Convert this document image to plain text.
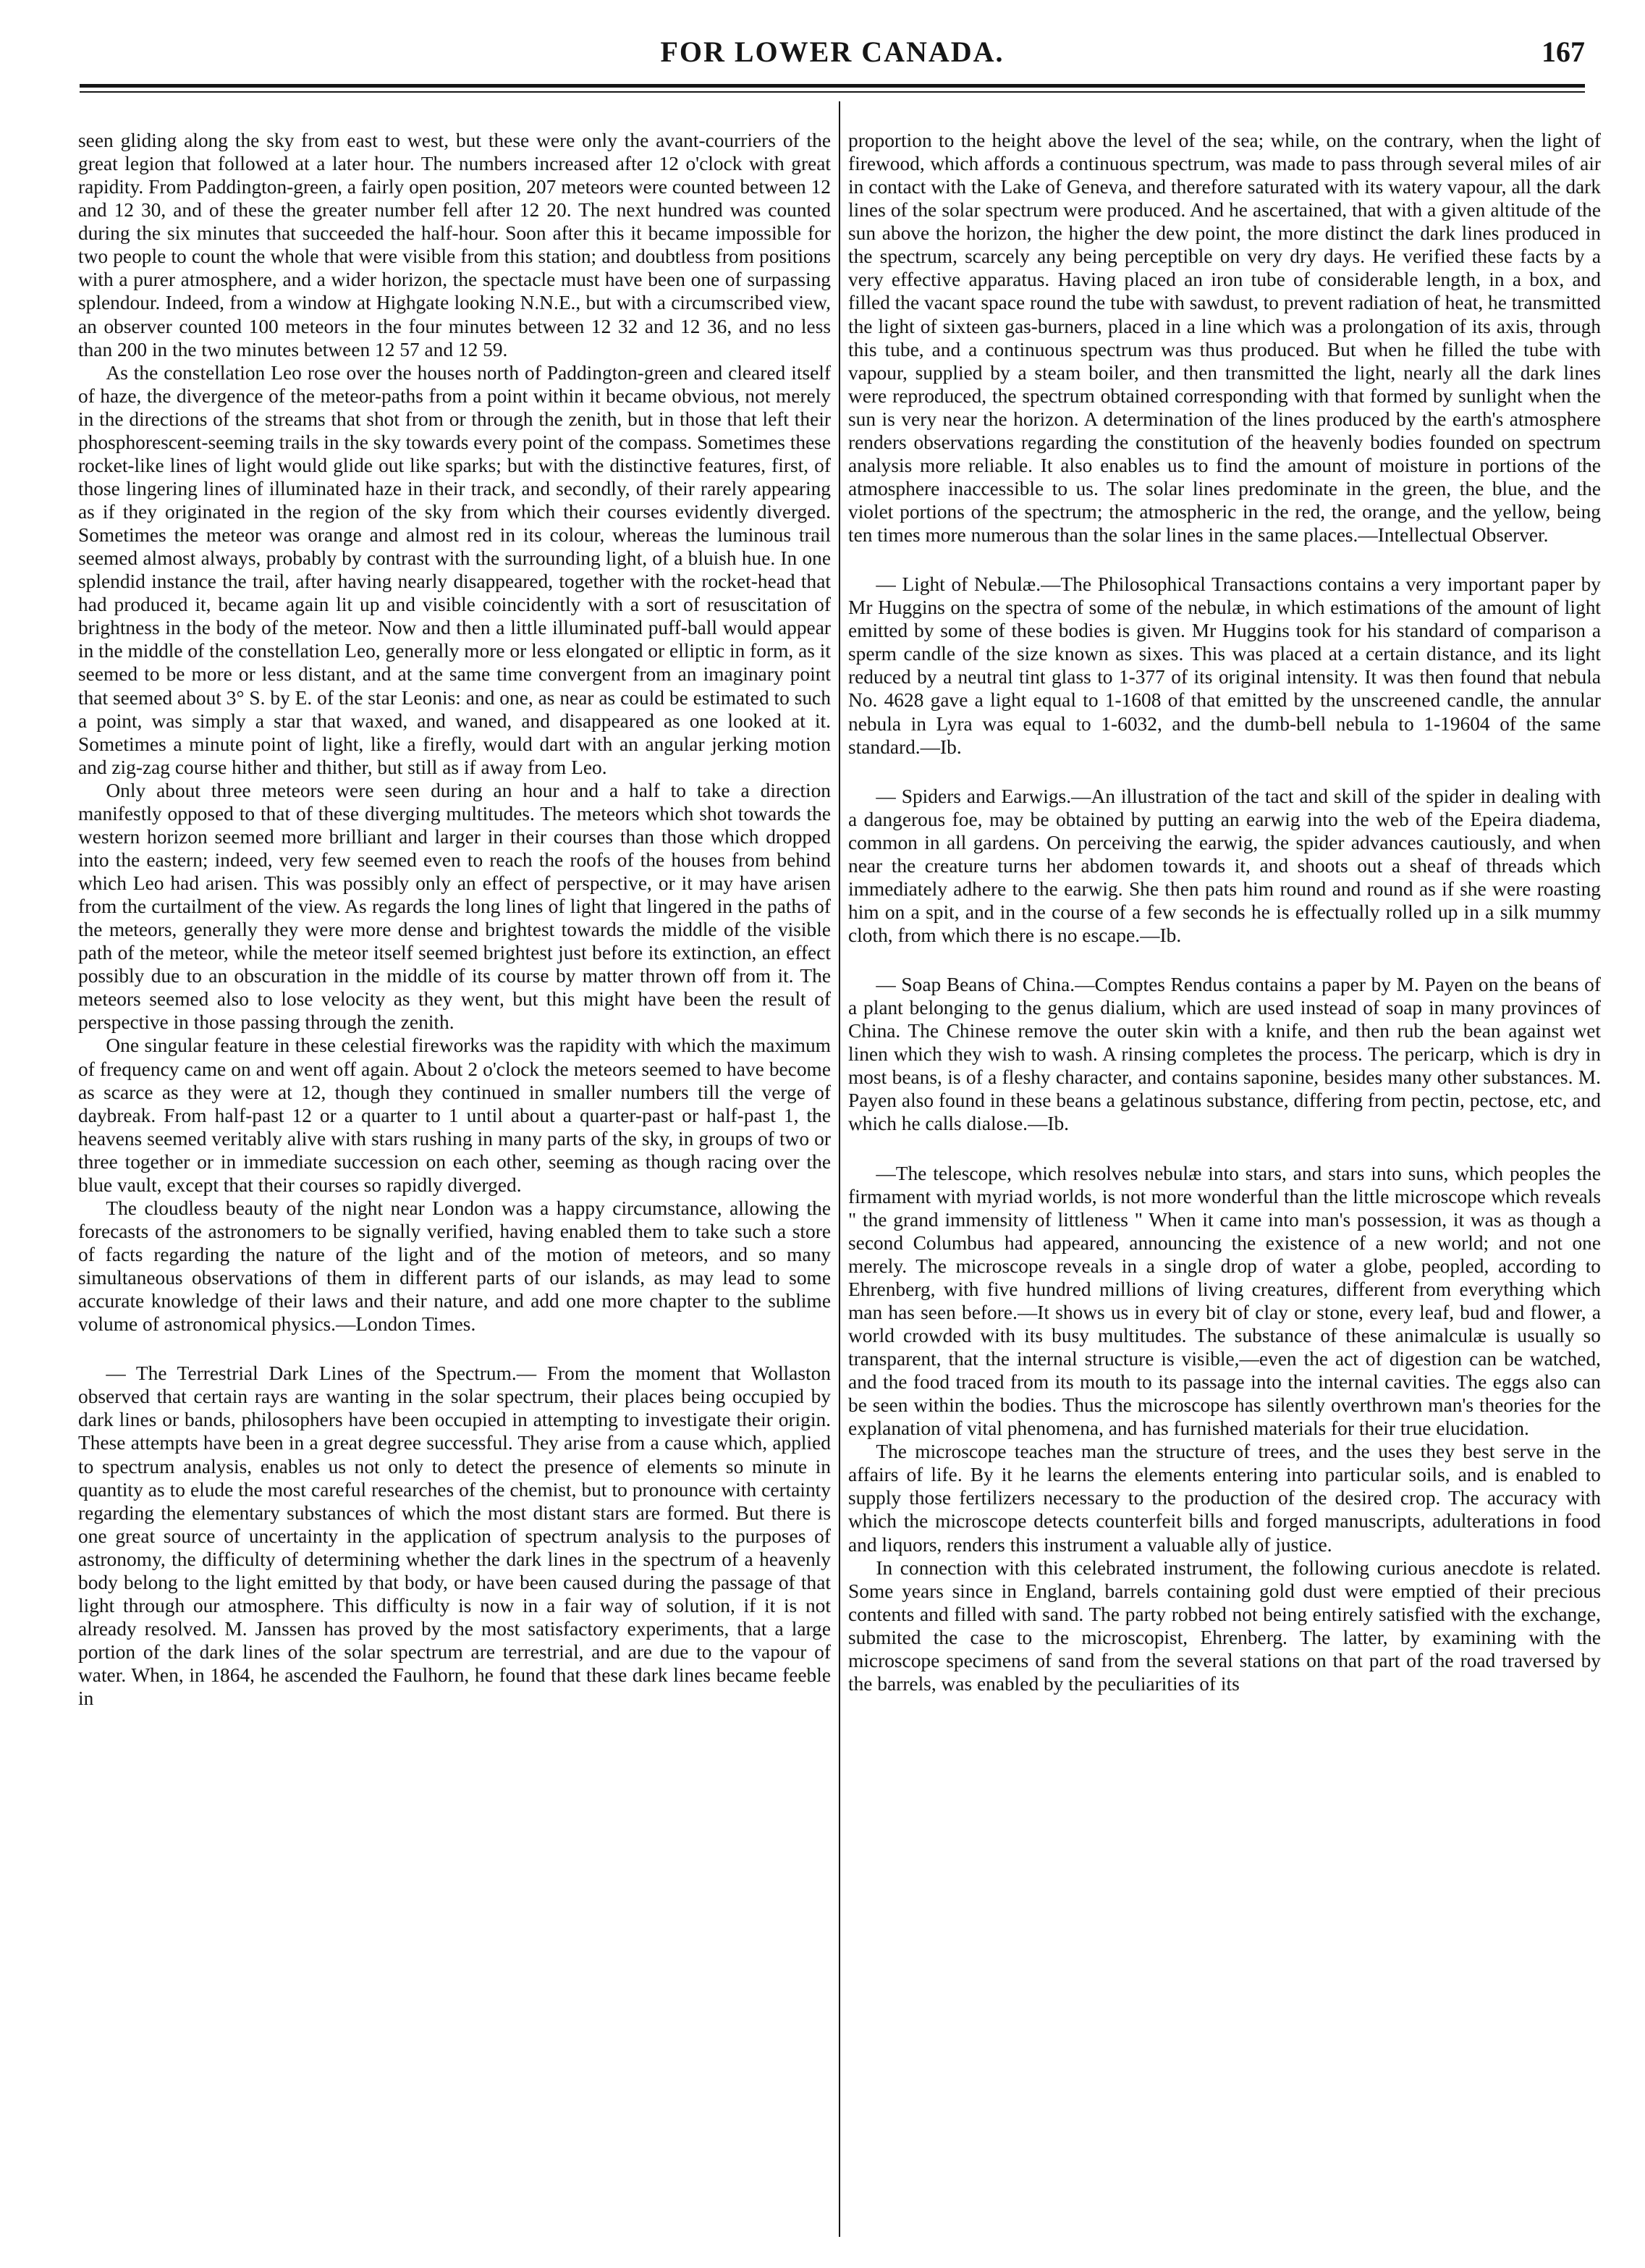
FOR LOWER CANADA.	167

seen gliding along the sky from east to west, but these were only the avant-courriers of the great legion that followed at a later hour. The numbers increased after 12 o'clock with great rapidity. From Paddington-green, a fairly open position, 207 meteors were counted between 12 and 12 30, and of these the greater number fell after 12 20. The next hundred was counted during the six minutes that succeeded the half-hour. Soon after this it became impossible for two people to count the whole that were visible from this station; and doubtless from positions with a purer atmosphere, and a wider horizon, the spectacle must have been one of surpassing splendour. Indeed, from a window at Highgate looking N.N.E., but with a circumscribed view, an observer counted 100 meteors in the four minutes between 12 32 and 12 36, and no less than 200 in the two minutes between 12 57 and 12 59.

As the constellation Leo rose over the houses north of Paddington-green and cleared itself of haze, the divergence of the meteor-paths from a point within it became obvious, not merely in the directions of the streams that shot from or through the zenith, but in those that left their phosphorescent-seeming trails in the sky towards every point of the compass. Sometimes these rocket-like lines of light would glide out like sparks; but with the distinctive features, first, of those lingering lines of illuminated haze in their track, and secondly, of their rarely appearing as if they originated in the region of the sky from which their courses evidently diverged. Sometimes the meteor was orange and almost red in its colour, whereas the luminous trail seemed almost always, probably by contrast with the surrounding light, of a bluish hue. In one splendid instance the trail, after having nearly disappeared, together with the rocket-head that had produced it, became again lit up and visible coincidently with a sort of resuscitation of brightness in the body of the meteor. Now and then a little illuminated puff-ball would appear in the middle of the constellation Leo, generally more or less elongated or elliptic in form, as it seemed to be more or less distant, and at the same time convergent from an imaginary point that seemed about 3° S. by E. of the star Leonis: and one, as near as could be estimated to such a point, was simply a star that waxed, and waned, and disappeared as one looked at it. Sometimes a minute point of light, like a firefly, would dart with an angular jerking motion and zig-zag course hither and thither, but still as if away from Leo.

Only about three meteors were seen during an hour and a half to take a direction manifestly opposed to that of these diverging multitudes. The meteors which shot towards the western horizon seemed more brilliant and larger in their courses than those which dropped into the eastern; indeed, very few seemed even to reach the roofs of the houses from behind which Leo had arisen. This was possibly only an effect of perspective, or it may have arisen from the curtailment of the view. As regards the long lines of light that lingered in the paths of the meteors, generally they were more dense and brightest towards the middle of the visible path of the meteor, while the meteor itself seemed brightest just before its extinction, an effect possibly due to an obscuration in the middle of its course by matter thrown off from it. The meteors seemed also to lose velocity as they went, but this might have been the result of perspective in those passing through the zenith.

One singular feature in these celestial fireworks was the rapidity with which the maximum of frequency came on and went off again. About 2 o'clock the meteors seemed to have become as scarce as they were at 12, though they continued in smaller numbers till the verge of daybreak. From half-past 12 or a quarter to 1 until about a quarter-past or half-past 1, the heavens seemed veritably alive with stars rushing in many parts of the sky, in groups of two or three together or in immediate succession on each other, seeming as though racing over the blue vault, except that their courses so rapidly diverged.

The cloudless beauty of the night near London was a happy circumstance, allowing the forecasts of the astronomers to be signally verified, having enabled them to take such a store of facts regarding the nature of the light and of the motion of meteors, and so many simultaneous observations of them in different parts of our islands, as may lead to some accurate knowledge of their laws and their nature, and add one more chapter to the sublime volume of astronomical physics.—London Times.

— The Terrestrial Dark Lines of the Spectrum.— From the moment that Wollaston observed that certain rays are wanting in the solar spectrum, their places being occupied by dark lines or bands, philosophers have been occupied in attempting to investigate their origin. These attempts have been in a great degree successful. They arise from a cause which, applied to spectrum analysis, enables us not only to detect the presence of elements so minute in quantity as to elude the most careful researches of the chemist, but to pronounce with certainty regarding the elementary substances of which the most distant stars are formed. But there is one great source of uncertainty in the application of spectrum analysis to the purposes of astronomy, the difficulty of determining whether the dark lines in the spectrum of a heavenly body belong to the light emitted by that body, or have been caused during the passage of that light through our atmosphere. This difficulty is now in a fair way of solution, if it is not already resolved. M. Janssen has proved by the most satisfactory experiments, that a large portion of the dark lines of the solar spectrum are terrestrial, and are due to the vapour of water. When, in 1864, he ascended the Faulhorn, he found that these dark lines became feeble in

proportion to the height above the level of the sea; while, on the contrary, when the light of firewood, which affords a continuous spectrum, was made to pass through several miles of air in contact with the Lake of Geneva, and therefore saturated with its watery vapour, all the dark lines of the solar spectrum were produced. And he ascertained, that with a given altitude of the sun above the horizon, the higher the dew point, the more distinct the dark lines produced in the spectrum, scarcely any being perceptible on very dry days. He verified these facts by a very effective apparatus. Having placed an iron tube of considerable length, in a box, and filled the vacant space round the tube with sawdust, to prevent radiation of heat, he transmitted the light of sixteen gas-burners, placed in a line which was a prolongation of its axis, through this tube, and a continuous spectrum was thus produced. But when he filled the tube with vapour, supplied by a steam boiler, and then transmitted the light, nearly all the dark lines were reproduced, the spectrum obtained corresponding with that formed by sunlight when the sun is very near the horizon. A determination of the lines produced by the earth's atmosphere renders observations regarding the constitution of the heavenly bodies founded on spectrum analysis more reliable. It also enables us to find the amount of moisture in portions of the atmosphere inaccessible to us. The solar lines predominate in the green, the blue, and the violet portions of the spectrum; the atmospheric in the red, the orange, and the yellow, being ten times more numerous than the solar lines in the same places.—Intellectual Observer.

— Light of Nebulæ.—The Philosophical Transactions contains a very important paper by Mr Huggins on the spectra of some of the nebulæ, in which estimations of the amount of light emitted by some of these bodies is given. Mr Huggins took for his standard of comparison a sperm candle of the size known as sixes. This was placed at a certain distance, and its light reduced by a neutral tint glass to 1-377 of its original intensity. It was then found that nebula No. 4628 gave a light equal to 1-1608 of that emitted by the unscreened candle, the annular nebula in Lyra was equal to 1-6032, and the dumb-bell nebula to 1-19604 of the same standard.—Ib.

— Spiders and Earwigs.—An illustration of the tact and skill of the spider in dealing with a dangerous foe, may be obtained by putting an earwig into the web of the Epeira diadema, common in all gardens. On perceiving the earwig, the spider advances cautiously, and when near the creature turns her abdomen towards it, and shoots out a sheaf of threads which immediately adhere to the earwig. She then pats him round and round as if she were roasting him on a spit, and in the course of a few seconds he is effectually rolled up in a silk mummy cloth, from which there is no escape.—Ib.

— Soap Beans of China.—Comptes Rendus contains a paper by M. Payen on the beans of a plant belonging to the genus dialium, which are used instead of soap in many provinces of China. The Chinese remove the outer skin with a knife, and then rub the bean against wet linen which they wish to wash. A rinsing completes the process. The pericarp, which is dry in most beans, is of a fleshy character, and contains saponine, besides many other substances. M. Payen also found in these beans a gelatinous substance, differing from pectin, pectose, etc, and which he calls dialose.—Ib.

—The telescope, which resolves nebulæ into stars, and stars into suns, which peoples the firmament with myriad worlds, is not more wonderful than the little microscope which reveals " the grand immensity of littleness " When it came into man's possession, it was as though a second Columbus had appeared, announcing the existence of a new world; and not one merely. The microscope reveals in a single drop of water a globe, peopled, according to Ehrenberg, with five hundred millions of living creatures, different from everything which man has seen before.—It shows us in every bit of clay or stone, every leaf, bud and flower, a world crowded with its busy multitudes. The substance of these animalculæ is usually so transparent, that the internal structure is visible,—even the act of digestion can be watched, and the food traced from its mouth to its passage into the internal cavities. The eggs also can be seen within the bodies. Thus the microscope has silently overthrown man's theories for the explanation of vital phenomena, and has furnished materials for their true elucidation.

The microscope teaches man the structure of trees, and the uses they best serve in the affairs of life. By it he learns the elements entering into particular soils, and is enabled to supply those fertilizers necessary to the production of the desired crop. The accuracy with which the microscope detects counterfeit bills and forged manuscripts, adulterations in food and liquors, renders this instrument a valuable ally of justice.

In connection with this celebrated instrument, the following curious anecdote is related. Some years since in England, barrels containing gold dust were emptied of their precious contents and filled with sand. The party robbed not being entirely satisfied with the exchange, submited the case to the microscopist, Ehrenberg. The latter, by examining with the microscope specimens of sand from the several stations on that part of the road traversed by the barrels, was enabled by the peculiarities of its
